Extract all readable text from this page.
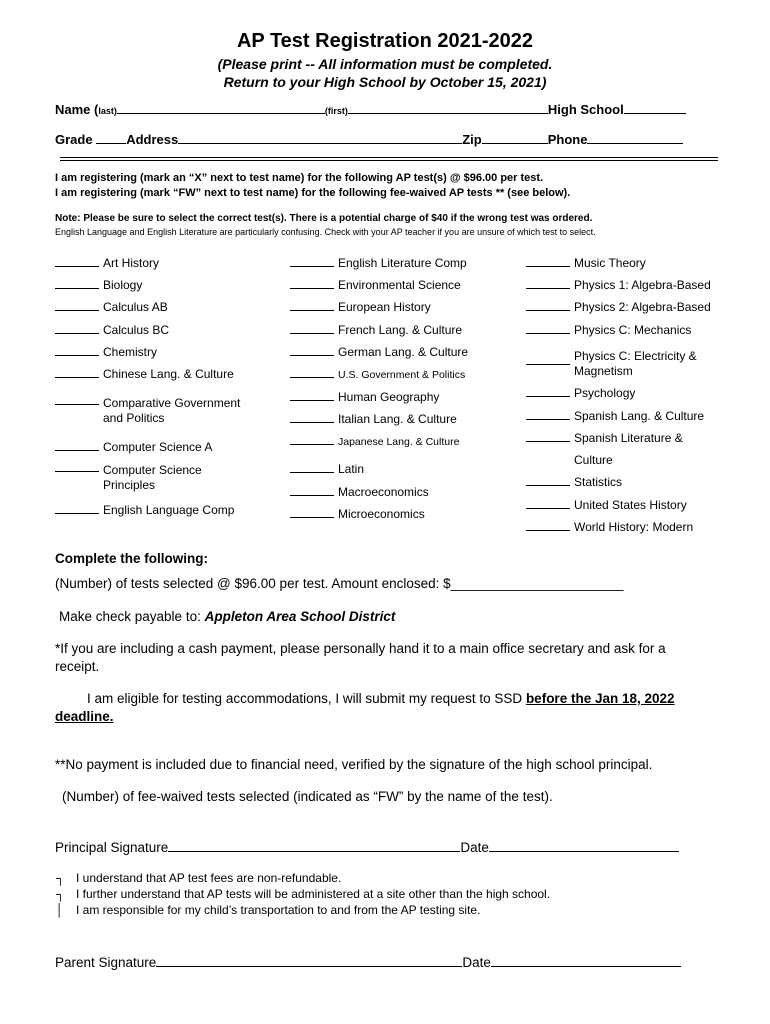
AP Test Registration 2021-2022
(Please print -- All information must be completed.
Return to your High School by October 15, 2021)
Name (last)	(first)	High School
Grade	Address	Zip	Phone
I am registering (mark an “X” next to test name) for the following AP test(s) @ $96.00 per test.
I am registering (mark “FW” next to test name) for the following fee-waived AP tests ** (see below).
Note: Please be sure to select the correct test(s). There is a potential charge of $40 if the wrong test was ordered.
English Language and English Literature are particularly confusing. Check with your AP teacher if you are unsure of which test to select.
Art History
Biology
Calculus AB
Calculus BC
Chemistry
Chinese Lang. & Culture
Comparative Government and Politics
Computer Science A
Computer Science Principles
English Language Comp
English Literature Comp
Environmental Science
European History
French Lang. & Culture
German Lang. & Culture
U.S. Government & Politics
Human Geography
Italian Lang. & Culture
Japanese Lang. & Culture
Latin
Macroeconomics
Microeconomics
Music Theory
Physics 1: Algebra-Based
Physics 2: Algebra-Based
Physics C: Mechanics
Physics C: Electricity & Magnetism
Psychology
Spanish Lang. & Culture
Spanish Literature & Culture
Statistics
United States History
World History: Modern
Complete the following:
(Number) of tests selected @ $96.00 per test. Amount enclosed: $_______________________
Make check payable to: Appleton Area School District
*If you are including a cash payment, please personally hand it to a main office secretary and ask for a receipt.
I am eligible for testing accommodations, I will submit my request to SSD before the Jan 18, 2022 deadline.
**No payment is included due to financial need, verified by the signature of the high school principal.
(Number) of fee-waived tests selected (indicated as “FW” by the name of the test).
Principal Signature	Date
┐ I understand that AP test fees are non-refundable.
┐ I further understand that AP tests will be administered at a site other than the high school.
│ I am responsible for my child’s transportation to and from the AP testing site.
Parent Signature	Date
